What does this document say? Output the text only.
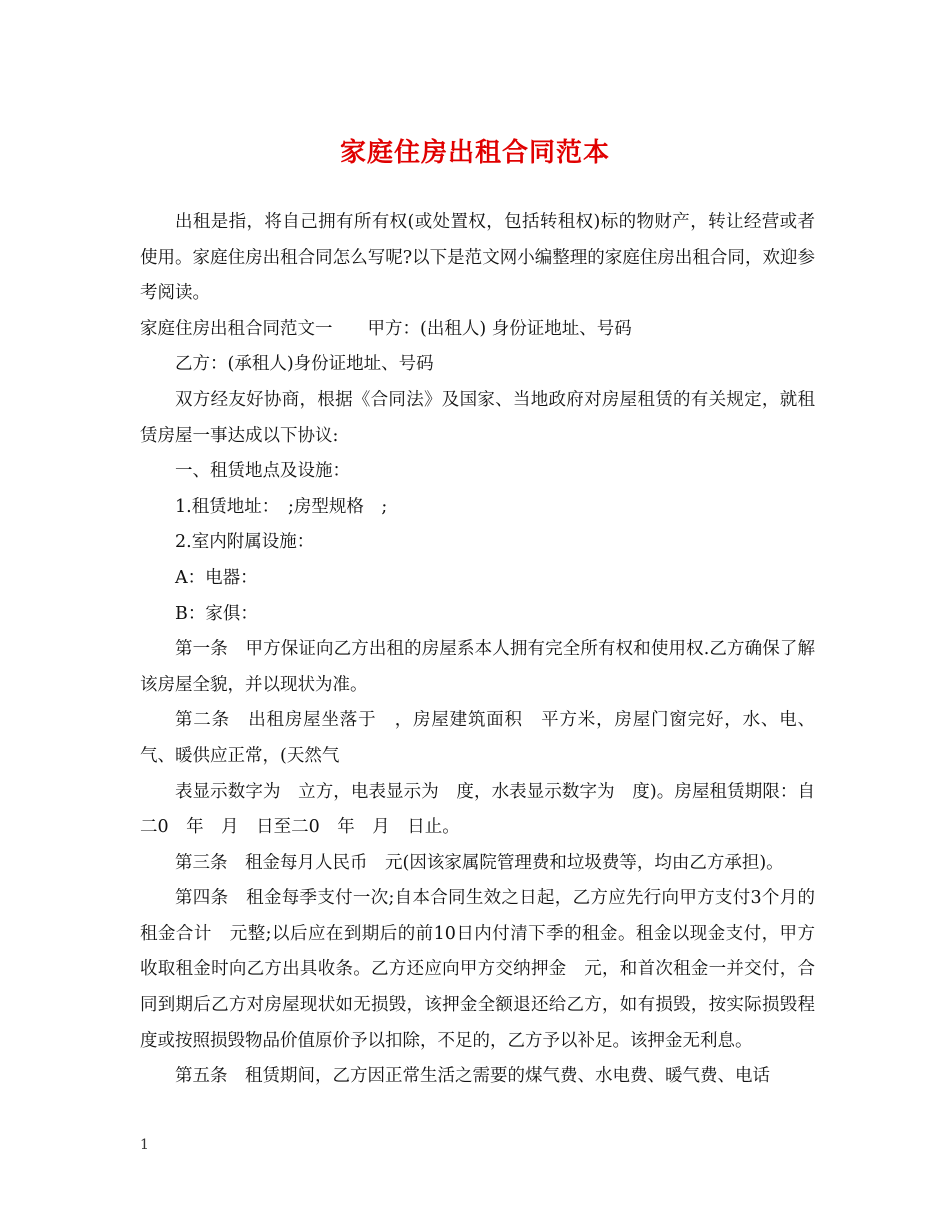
家庭住房出租合同范本

出租是指，将自己拥有所有权(或处置权，包括转租权)标的物财产，转让经营或者使用。家庭住房出租合同怎么写呢?以下是范文网小编整理的家庭住房出租合同，欢迎参考阅读。

家庭住房出租合同范文一　　甲方：(出租人) 身份证地址、号码

乙方：(承租人)身份证地址、号码

双方经友好协商，根据《合同法》及国家、当地政府对房屋租赁的有关规定，就租赁房屋一事达成以下协议:

一、租赁地点及设施：

1.租赁地址：　;房型规格　;

2.室内附属设施：

A：电器：

B：家俱：

第一条　甲方保证向乙方出租的房屋系本人拥有完全所有权和使用权.乙方确保了解该房屋全貌，并以现状为准。

第二条　出租房屋坐落于　，房屋建筑面积　平方米，房屋门窗完好，水、电、气、暖供应正常，(天然气

表显示数字为　立方，电表显示为　度，水表显示数字为　度)。房屋租赁期限：自二0　年　月　日至二0　年　月　日止。

第三条　租金每月人民币　元(因该家属院管理费和垃圾费等，均由乙方承担)。

第四条　租金每季支付一次;自本合同生效之日起，乙方应先行向甲方支付3个月的租金合计　元整;以后应在到期后的前10日内付清下季的租金。租金以现金支付，甲方收取租金时向乙方出具收条。乙方还应向甲方交纳押金　元，和首次租金一并交付，合同到期后乙方对房屋现状如无损毁，该押金全额退还给乙方，如有损毁，按实际损毁程度或按照损毁物品价值原价予以扣除，不足的，乙方予以补足。该押金无利息。

第五条　租赁期间，乙方因正常生活之需要的煤气费、水电费、暖气费、电话

1
